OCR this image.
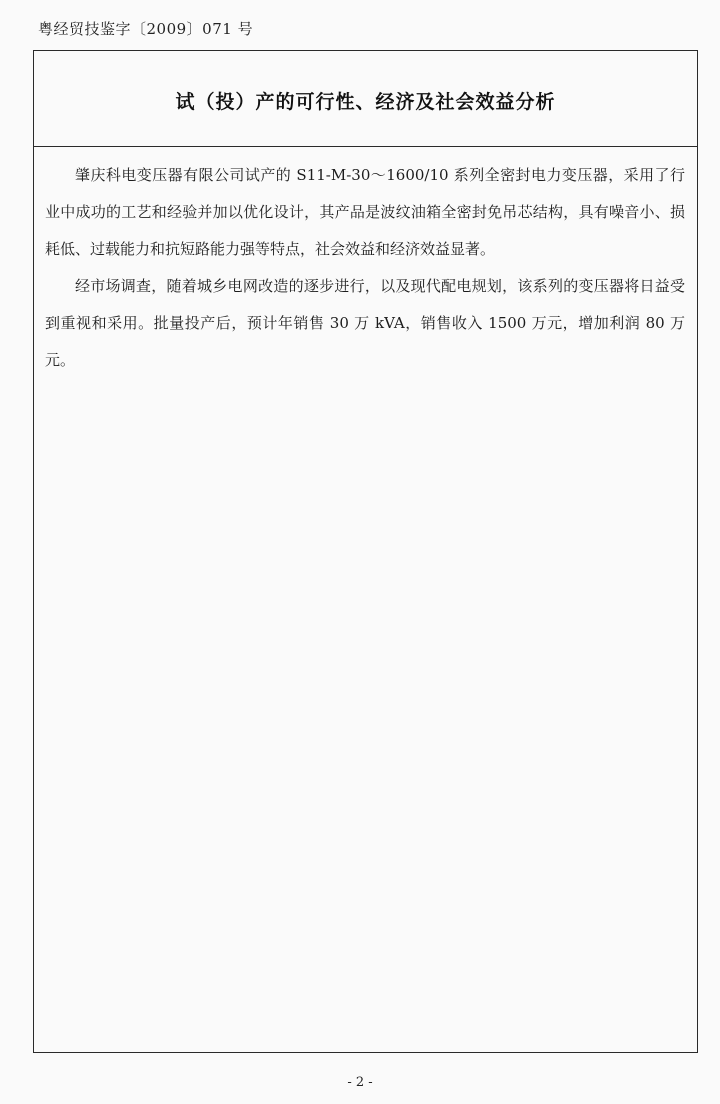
粤经贸技鉴字〔2009〕071 号
试（投）产的可行性、经济及社会效益分析

肇庆科电变压器有限公司试产的 S11-M-30～1600/10 系列全密封电力变压器，采用了行业中成功的工艺和经验并加以优化设计，其产品是波纹油箱全密封免吊芯结构，具有噪音小、损耗低、过载能力和抗短路能力强等特点，社会效益和经济效益显著。

经市场调查，随着城乡电网改造的逐步进行，以及现代配电规划，该系列的变压器将日益受到重视和采用。批量投产后，预计年销售 30 万 kVA，销售收入 1500 万元，增加利润 80 万元。

- 2 -
